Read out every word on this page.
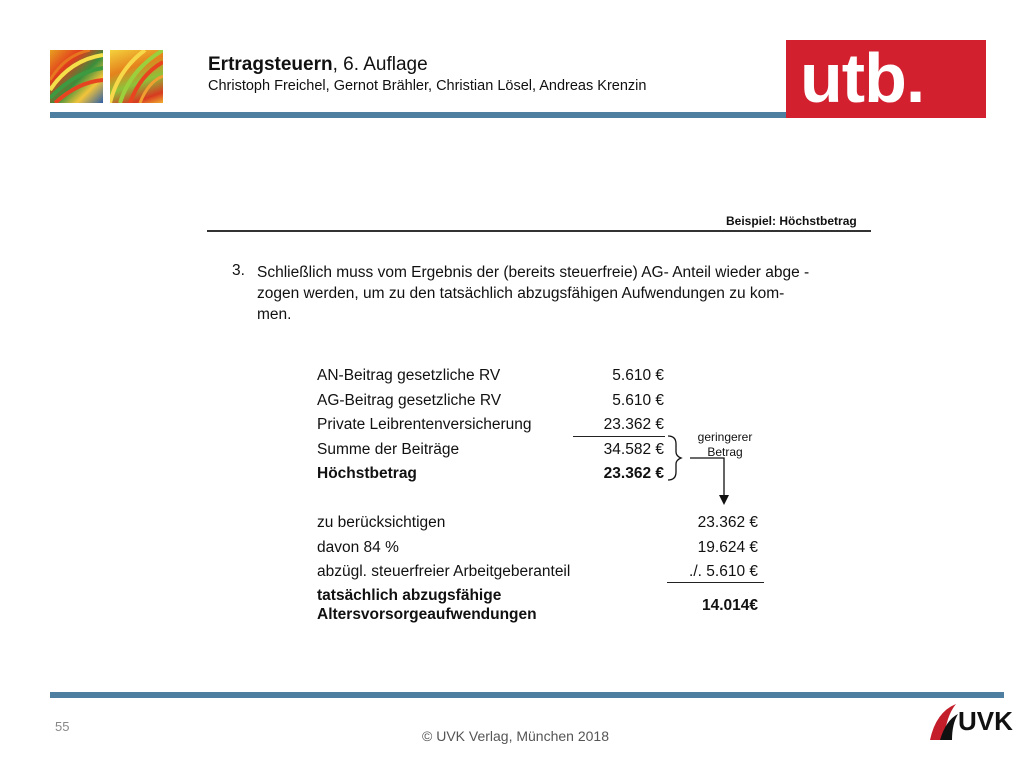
Ertragsteuern, 6. Auflage
Christoph Freichel, Gernot Brähler, Christian Lösel, Andreas Krenzin utb.
Beispiel: Höchstbetrag
3. Schließlich muss vom Ergebnis der (bereits steuerfreie) AG- Anteil wieder abge -
zogen werden, um zu den tatsächlich abzugsfähigen Aufwendungen zu kom-
men.
AN-Beitrag gesetzliche RV	5.610 €
AG-Beitrag gesetzliche RV	5.610 €
Private Leibrentenversicherung	23.362 €
Summe der Beiträge	34.582 €
Höchstbetrag	23.362 €
geringerer
Betrag
zu berücksichtigen	23.362 €
davon 84 %	19.624 €
abzügl. steuerfreier Arbeitgeberanteil	./. 5.610 €
tatsächlich abzugsfähige
Altersvorsorgeaufwendungen
14.014€
55
© UVK Verlag, München 2018	UVK
